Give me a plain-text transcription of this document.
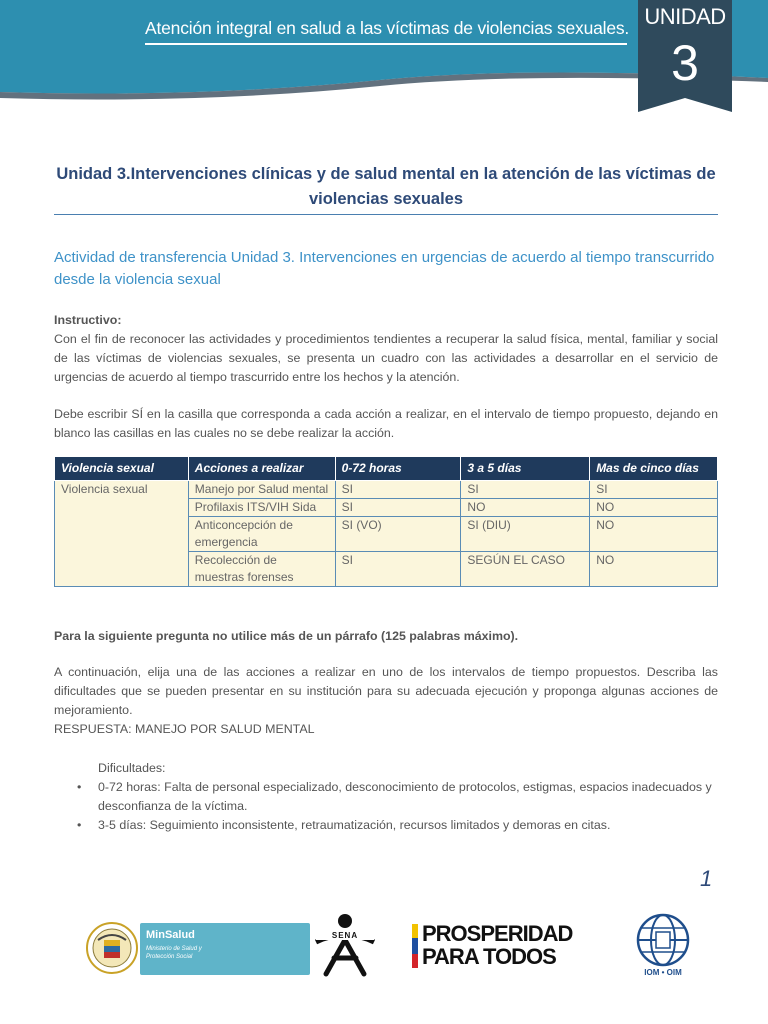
Atención integral en salud a las víctimas de violencias sexuales. UNIDAD
3
Unidad 3.Intervenciones clínicas y de salud mental en la atención de las víctimas de violencias sexuales
Actividad de transferencia Unidad 3. Intervenciones en urgencias de acuerdo al tiempo transcurrido desde la violencia sexual
Instructivo:
Con el fin de reconocer las actividades y procedimientos tendientes a recuperar la salud física, mental, familiar y social de las víctimas de violencias sexuales, se presenta un cuadro con las actividades a desarrollar en el servicio de urgencias de acuerdo al tiempo trascurrido entre los hechos y la atención.
Debe escribir SÍ en la casilla que corresponda a cada acción a realizar, en el intervalo de tiempo propuesto, dejando en blanco las casillas en las cuales no se debe realizar la acción.
Violencia sexual	Acciones a realizar	0-72 horas	3 a 5 días	Mas de cinco días
Violencia sexual	Manejo por Salud mental	SI	SI	SI
	Profilaxis ITS/VIH Sida	SI	NO	NO
	Anticoncepción de emergencia	SI (VO)	SI (DIU)	NO
	Recolección de muestras forenses	SI	SEGÚN EL CASO	NO
Para la siguiente pregunta no utilice más de un párrafo (125 palabras máximo).
A continuación, elija una de las acciones a realizar en uno de los intervalos de tiempo propuestos. Describa las dificultades que se pueden presentar en su institución para su adecuada ejecución y proponga algunas acciones de mejoramiento.
RESPUESTA: MANEJO POR SALUD MENTAL
Dificultades:
• 0-72 horas: Falta de personal especializado, desconocimiento de protocolos, estigmas, espacios inadecuados y desconfianza de la víctima.
• 3-5 días: Seguimiento inconsistente, retraumatización, recursos limitados y demoras en citas.
1
MinSalud
Ministerio de Salud y Protección Social
SENA	PROSPERIDAD
PARA TODOS
IOM • OIM
